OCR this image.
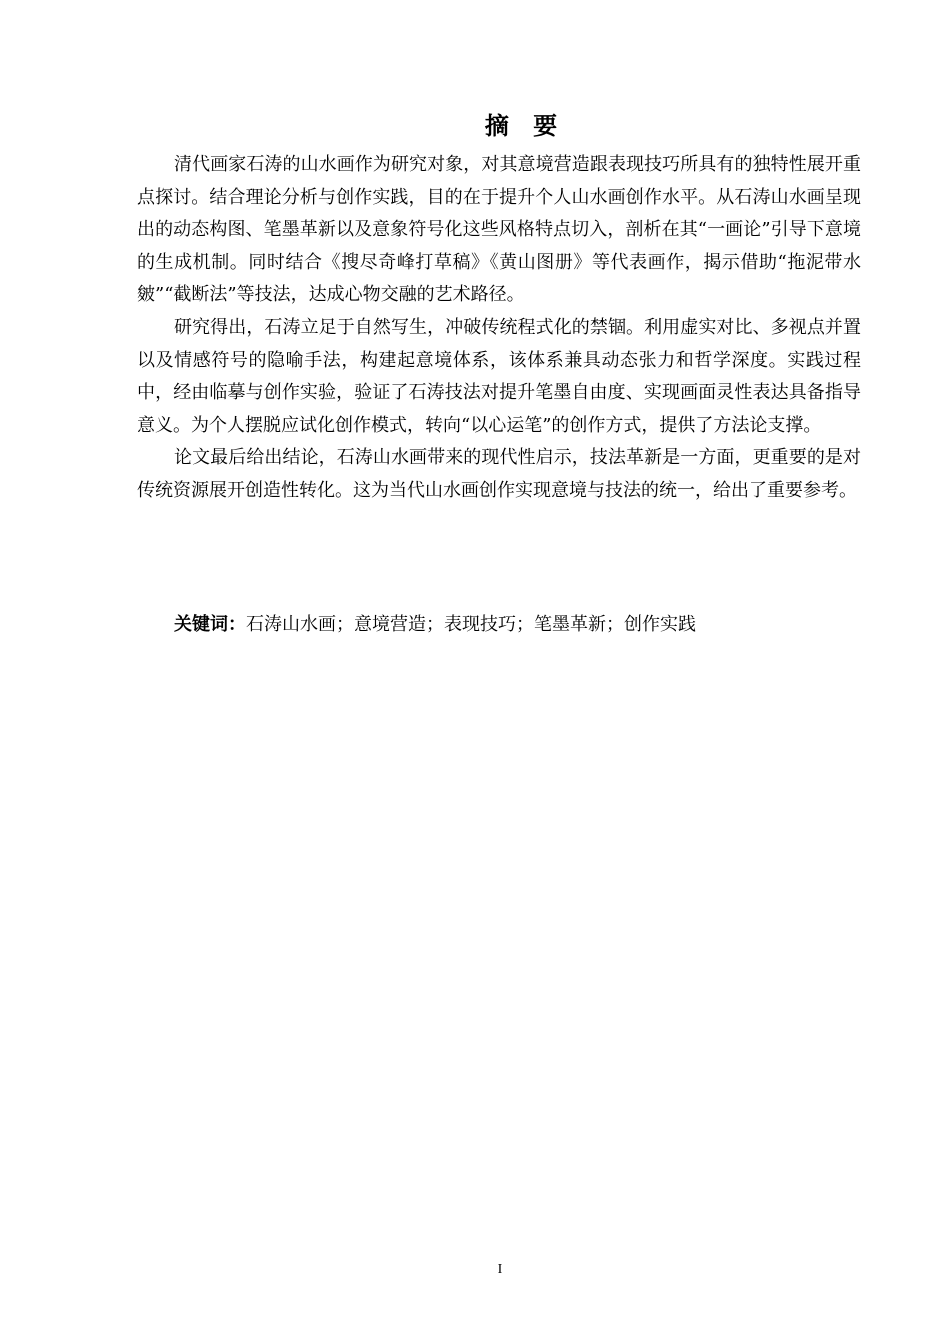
摘 要

清代画家石涛的山水画作为研究对象，对其意境营造跟表现技巧所具有的独特性展开重点探讨。结合理论分析与创作实践，目的在于提升个人山水画创作水平。从石涛山水画呈现出的动态构图、笔墨革新以及意象符号化这些风格特点切入，剖析在其“一画论”引导下意境的生成机制。同时结合《搜尽奇峰打草稿》《黄山图册》等代表画作，揭示借助“拖泥带水皴”“截断法”等技法，达成心物交融的艺术路径。

研究得出，石涛立足于自然写生，冲破传统程式化的禁锢。利用虚实对比、多视点并置以及情感符号的隐喻手法，构建起意境体系，该体系兼具动态张力和哲学深度。实践过程中，经由临摹与创作实验，验证了石涛技法对提升笔墨自由度、实现画面灵性表达具备指导意义。为个人摆脱应试化创作模式，转向“以心运笔”的创作方式，提供了方法论支撑。

论文最后给出结论，石涛山水画带来的现代性启示，技法革新是一方面，更重要的是对传统资源展开创造性转化。这为当代山水画创作实现意境与技法的统一，给出了重要参考。

关键词：石涛山水画；意境营造；表现技巧；笔墨革新；创作实践
I
